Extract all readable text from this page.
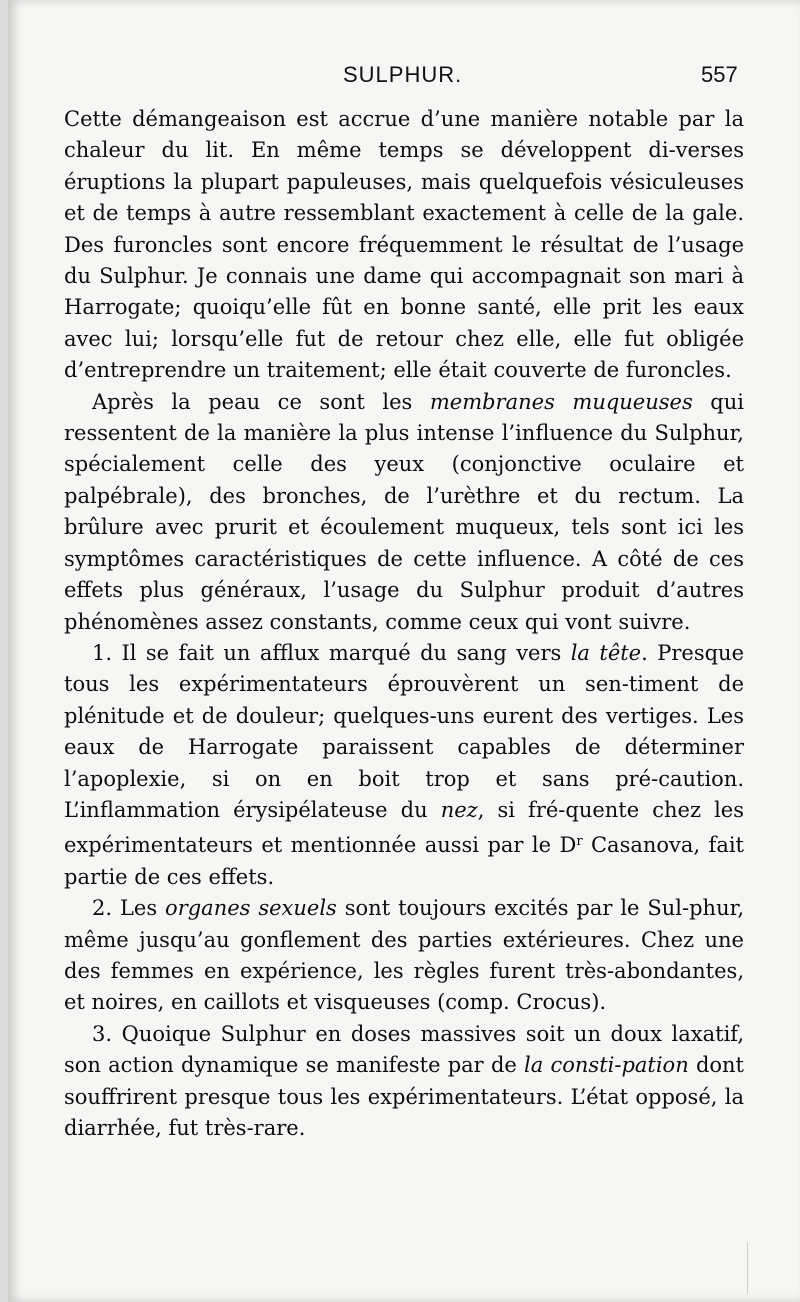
SULPHUR.	557

Cette démangeaison est accrue d’une manière notable par la chaleur du lit. En même temps se développent di-verses éruptions la plupart papuleuses, mais quelquefois vésiculeuses et de temps à autre ressemblant exactement à celle de la gale. Des furoncles sont encore fréquemment le résultat de l’usage du Sulphur. Je connais une dame qui accompagnait son mari à Harrogate; quoiqu’elle fût en bonne santé, elle prit les eaux avec lui; lorsqu’elle fut de retour chez elle, elle fut obligée d’entreprendre un traitement; elle était couverte de furoncles.

Après la peau ce sont les membranes muqueuses qui ressentent de la manière la plus intense l’influence du Sulphur, spécialement celle des yeux (conjonctive oculaire et palpébrale), des bronches, de l’urèthre et du rectum. La brûlure avec prurit et écoulement muqueux, tels sont ici les symptômes caractéristiques de cette influence. A côté de ces effets plus généraux, l’usage du Sulphur produit d’autres phénomènes assez constants, comme ceux qui vont suivre.

1. Il se fait un afflux marqué du sang vers la tête. Presque tous les expérimentateurs éprouvèrent un sen-timent de plénitude et de douleur; quelques-uns eurent des vertiges. Les eaux de Harrogate paraissent capables de déterminer l’apoplexie, si on en boit trop et sans pré-caution. L’inflammation érysipélateuse du nez, si fré-quente chez les expérimentateurs et mentionnée aussi par le $D^r$ Casanova, fait partie de ces effets.

2. Les organes sexuels sont toujours excités par le Sul-phur, même jusqu’au gonflement des parties extérieures. Chez une des femmes en expérience, les règles furent très-abondantes, et noires, en caillots et visqueuses (comp. Crocus).

3. Quoique Sulphur en doses massives soit un doux laxatif, son action dynamique se manifeste par de la consti-pation dont souffrirent presque tous les expérimentateurs. L’état opposé, la diarrhée, fut très-rare.
